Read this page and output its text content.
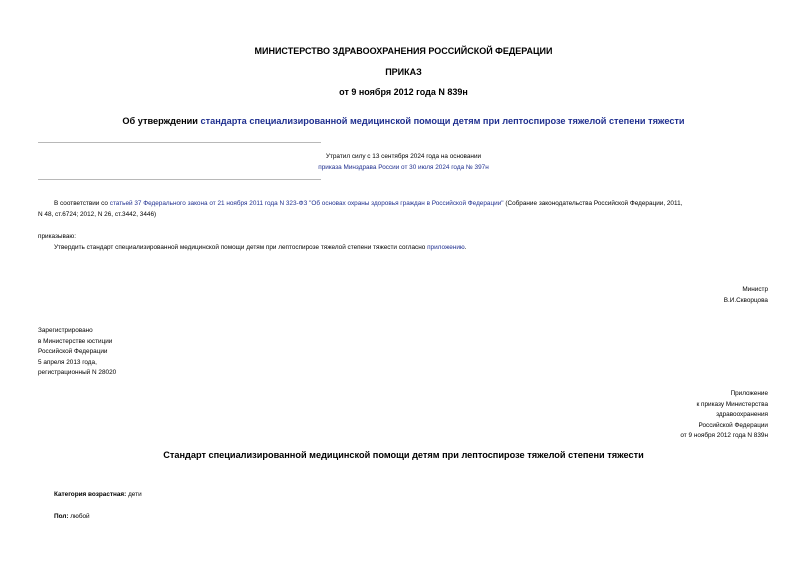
МИНИСТЕРСТВО ЗДРАВООХРАНЕНИЯ РОССИЙСКОЙ ФЕДЕРАЦИИ
ПРИКАЗ
от 9 ноября 2012 года N 839н
Об утверждении стандарта специализированной медицинской помощи детям при лептоспирозе тяжелой степени тяжести
Утратил силу с 13 сентября 2024 года на основании
приказа Минздрава России от 30 июля 2024 года № 397н
В соответствии со статьей 37 Федерального закона от 21 ноября 2011 года N 323-ФЗ "Об основах охраны здоровья граждан в Российской Федерации" (Собрание законодательства Российской Федерации, 2011,
N 48, ст.6724; 2012, N 26, ст.3442, 3446)
приказываю:
Утвердить стандарт специализированной медицинской помощи детям при лептоспирозе тяжелой степени тяжести согласно приложению.
Министр
В.И.Скворцова
Зарегистрировано
в Министерстве юстиции
Российской Федерации
5 апреля 2013 года,
регистрационный N 28020
Приложение
к приказу Министерства
здравоохранения
Российской Федерации
от 9 ноября 2012 года N 839н
Стандарт специализированной медицинской помощи детям при лептоспирозе тяжелой степени тяжести
Категория возрастная: дети
Пол: любой
